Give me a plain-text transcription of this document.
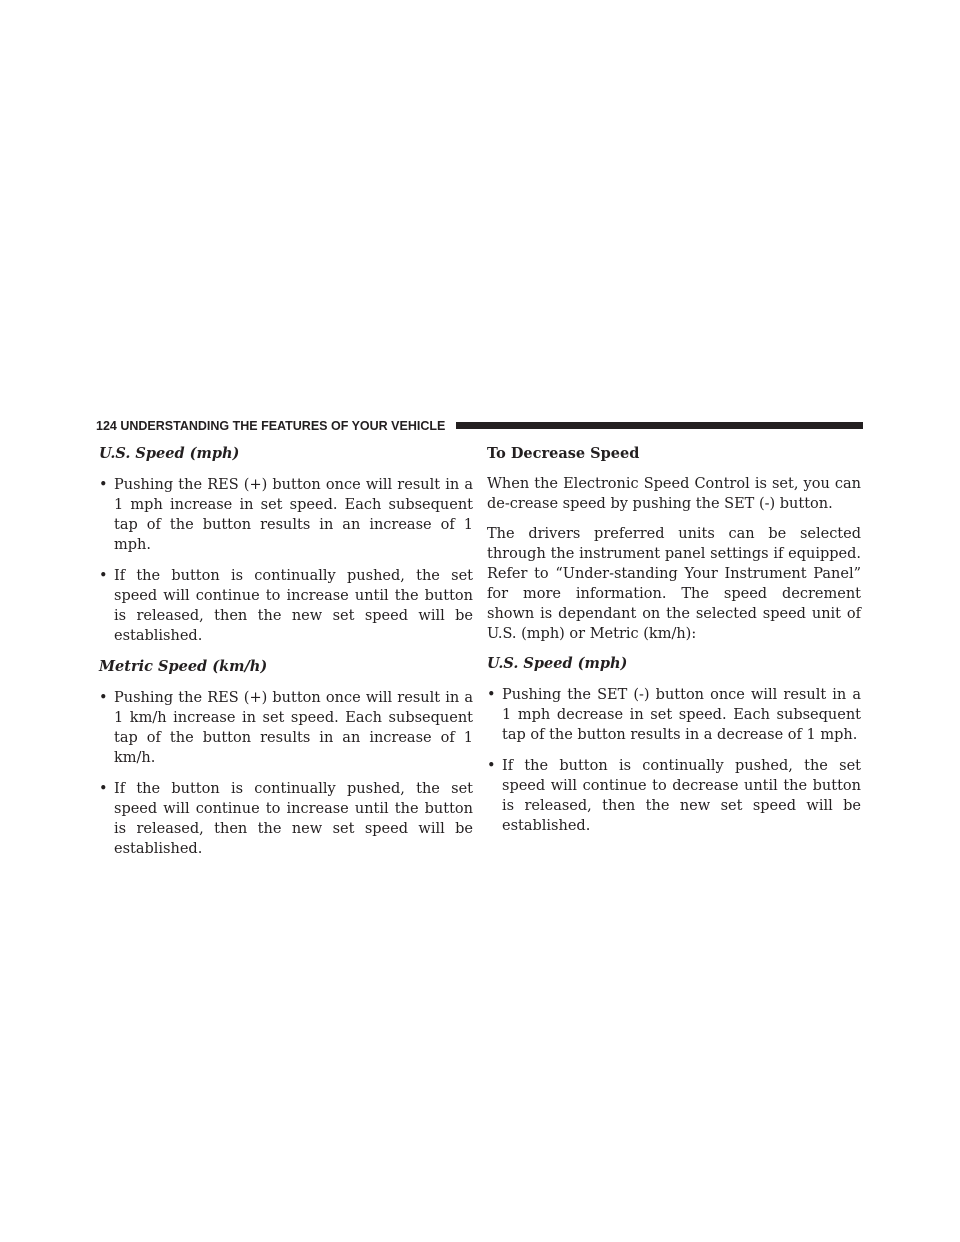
124 UNDERSTANDING THE FEATURES OF YOUR VEHICLE
U.S. Speed (mph)
• Pushing the RES (+) button once will result in a 1 mph increase in set speed. Each subsequent tap of the button results in an increase of 1 mph.
• If the button is continually pushed, the set speed will continue to increase until the button is released, then the new set speed will be established.
Metric Speed (km/h)
• Pushing the RES (+) button once will result in a 1 km/h increase in set speed. Each subsequent tap of the button results in an increase of 1 km/h.
• If the button is continually pushed, the set speed will continue to increase until the button is released, then the new set speed will be established.
To Decrease Speed
When the Electronic Speed Control is set, you can de-crease speed by pushing the SET (-) button.
The drivers preferred units can be selected through the instrument panel settings if equipped. Refer to “Under-standing Your Instrument Panel” for more information. The speed decrement shown is dependant on the selected speed unit of U.S. (mph) or Metric (km/h):
U.S. Speed (mph)
• Pushing the SET (-) button once will result in a 1 mph decrease in set speed. Each subsequent tap of the button results in a decrease of 1 mph.
• If the button is continually pushed, the set speed will continue to decrease until the button is released, then the new set speed will be established.
